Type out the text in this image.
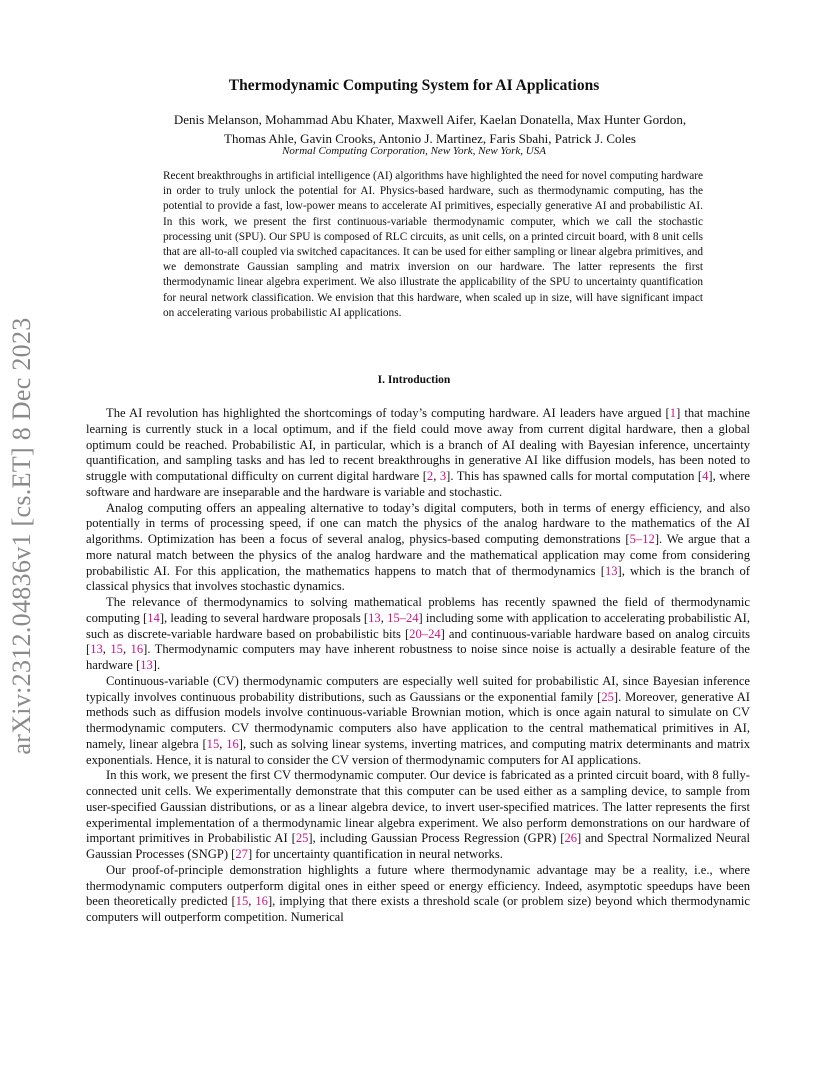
arXiv:2312.04836v1 [cs.ET] 8 Dec 2023
Thermodynamic Computing System for AI Applications
Denis Melanson, Mohammad Abu Khater, Maxwell Aifer, Kaelan Donatella, Max Hunter Gordon,
Thomas Ahle, Gavin Crooks, Antonio J. Martinez, Faris Sbahi, Patrick J. Coles
Normal Computing Corporation, New York, New York, USA
Recent breakthroughs in artificial intelligence (AI) algorithms have highlighted the need for novel computing hardware in order to truly unlock the potential for AI. Physics-based hardware, such as thermodynamic computing, has the potential to provide a fast, low-power means to accelerate AI primitives, especially generative AI and probabilistic AI. In this work, we present the first continuous-variable thermodynamic computer, which we call the stochastic processing unit (SPU). Our SPU is composed of RLC circuits, as unit cells, on a printed circuit board, with 8 unit cells that are all-to-all coupled via switched capacitances. It can be used for either sampling or linear algebra primitives, and we demonstrate Gaussian sampling and matrix inversion on our hardware. The latter represents the first thermodynamic linear algebra experiment. We also illustrate the applicability of the SPU to uncertainty quantification for neural network classification. We envision that this hardware, when scaled up in size, will have significant impact on accelerating various probabilistic AI applications.
I. Introduction

The AI revolution has highlighted the shortcomings of today’s computing hardware. AI leaders have argued [1] that machine learning is currently stuck in a local optimum, and if the field could move away from current digital hardware, then a global optimum could be reached. Probabilistic AI, in particular, which is a branch of AI dealing with Bayesian inference, uncertainty quantification, and sampling tasks and has led to recent breakthroughs in generative AI like diffusion models, has been noted to struggle with computational difficulty on current digital hardware [2, 3]. This has spawned calls for mortal computation [4], where software and hardware are inseparable and the hardware is variable and stochastic.

Analog computing offers an appealing alternative to today’s digital computers, both in terms of energy efficiency, and also potentially in terms of processing speed, if one can match the physics of the analog hardware to the mathematics of the AI algorithms. Optimization has been a focus of several analog, physics-based computing demonstrations [5–12]. We argue that a more natural match between the physics of the analog hardware and the mathematical application may come from considering probabilistic AI. For this application, the mathematics happens to match that of thermodynamics [13], which is the branch of classical physics that involves stochastic dynamics.

The relevance of thermodynamics to solving mathematical problems has recently spawned the field of thermodynamic computing [14], leading to several hardware proposals [13, 15–24] including some with application to accelerating probabilistic AI, such as discrete-variable hardware based on probabilistic bits [20–24] and continuous-variable hardware based on analog circuits [13, 15, 16]. Thermodynamic computers may have inherent robustness to noise since noise is actually a desirable feature of the hardware [13].

Continuous-variable (CV) thermodynamic computers are especially well suited for probabilistic AI, since Bayesian inference typically involves continuous probability distributions, such as Gaussians or the exponential family [25]. Moreover, generative AI methods such as diffusion models involve continuous-variable Brownian motion, which is once again natural to simulate on CV thermodynamic computers. CV thermodynamic computers also have application to the central mathematical primitives in AI, namely, linear algebra [15, 16], such as solving linear systems, inverting matrices, and computing matrix determinants and matrix exponentials. Hence, it is natural to consider the CV version of thermodynamic computers for AI applications.

In this work, we present the first CV thermodynamic computer. Our device is fabricated as a printed circuit board, with 8 fully-connected unit cells. We experimentally demonstrate that this computer can be used either as a sampling device, to sample from user-specified Gaussian distributions, or as a linear algebra device, to invert user-specified matrices. The latter represents the first experimental implementation of a thermodynamic linear algebra experiment. We also perform demonstrations on our hardware of important primitives in Probabilistic AI [25], including Gaussian Process Regression (GPR) [26] and Spectral Normalized Neural Gaussian Processes (SNGP) [27] for uncertainty quantification in neural networks.

Our proof-of-principle demonstration highlights a future where thermodynamic advantage may be a reality, i.e., where thermodynamic computers outperform digital ones in either speed or energy efficiency. Indeed, asymptotic speedups have been been theoretically predicted [15, 16], implying that there exists a threshold scale (or problem size) beyond which thermodynamic computers will outperform competition. Numerical
